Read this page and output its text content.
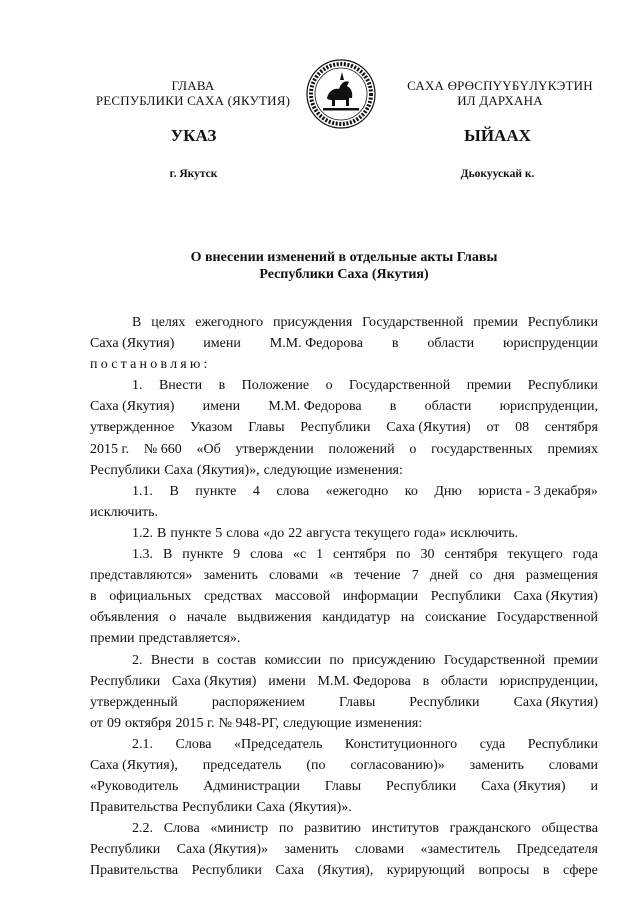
ГЛАВА
РЕСПУБЛИКИ САХА (ЯКУТИЯ)
САХА ӨРӨСПҮҮБҮЛҮКЭТИН
ИЛ ДАРХАНА
УКАЗ	ЫЙААХ
г. Якутск	Дьокуускай к.
О внесении изменений в отдельные акты Главы
Республики Саха (Якутия)
В целях ежегодного присуждения Государственной премии Республики
Саха (Якутия) имени М.М. Федорова в области юриспруденции
постановляю:
1. Внести в Положение о Государственной премии Республики
Саха (Якутия) имени М.М. Федорова в области юриспруденции,
утвержденное Указом Главы Республики Саха (Якутия) от 08 сентября
2015 г. № 660 «Об утверждении положений о государственных премиях
Республики Саха (Якутия)», следующие изменения:
1.1. В пункте 4 слова «ежегодно ко Дню юриста - 3 декабря»
исключить.
1.2. В пункте 5 слова «до 22 августа текущего года» исключить.
1.3. В пункте 9 слова «с 1 сентября по 30 сентября текущего года
представляются» заменить словами «в течение 7 дней со дня размещения
в официальных средствах массовой информации Республики Саха (Якутия)
объявления о начале выдвижения кандидатур на соискание Государственной
премии представляется».
2. Внести в состав комиссии по присуждению Государственной премии
Республики Саха (Якутия) имени М.М. Федорова в области юриспруденции,
утвержденный распоряжением Главы Республики Саха (Якутия)
от 09 октября 2015 г. № 948-РГ, следующие изменения:
2.1. Слова «Председатель Конституционного суда Республики
Саха (Якутия), председатель (по согласованию)» заменить словами
«Руководитель Администрации Главы Республики Саха (Якутия) и
Правительства Республики Саха (Якутия)».
2.2. Слова «министр по развитию институтов гражданского общества
Республики Саха (Якутия)» заменить словами «заместитель Председателя
Правительства Республики Саха (Якутия), курирующий вопросы в сфере
